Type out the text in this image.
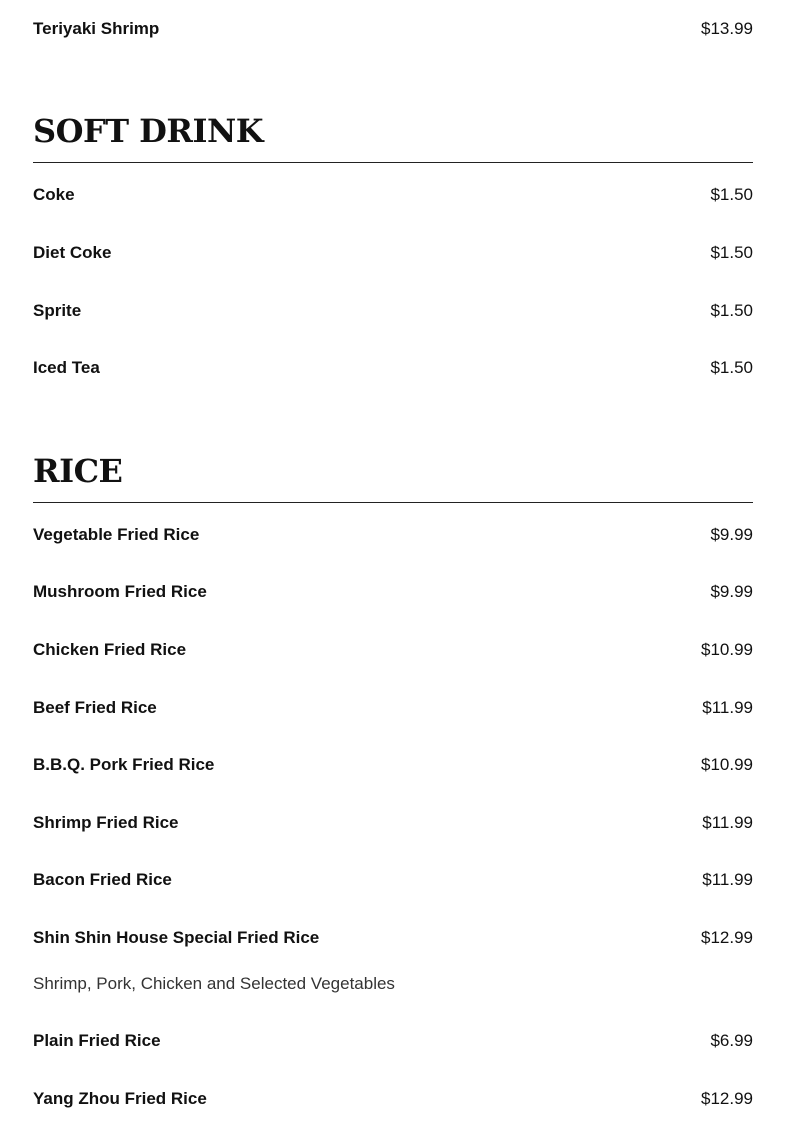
Teriyaki Shrimp	$13.99
SOFT DRINK
Coke	$1.50
Diet Coke	$1.50
Sprite	$1.50
Iced Tea	$1.50
RICE
Vegetable Fried Rice	$9.99
Mushroom Fried Rice	$9.99
Chicken Fried Rice	$10.99
Beef Fried Rice	$11.99
B.B.Q. Pork Fried Rice	$10.99
Shrimp Fried Rice	$11.99
Bacon Fried Rice	$11.99
Shin Shin House Special Fried Rice	$12.99
Shrimp, Pork, Chicken and Selected Vegetables
Plain Fried Rice	$6.99
Yang Zhou Fried Rice	$12.99
